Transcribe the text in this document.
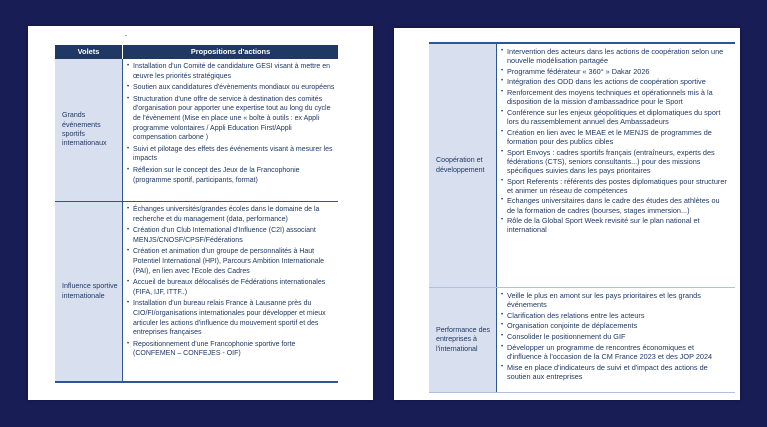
-
Volets	Propositions d'actions
Grands événements sportifs internationaux
• Installation d'un Comité de candidature GESI visant à mettre en œuvre les priorités stratégiques
• Soutien aux candidatures d'évènements mondiaux ou européens
• Structuration d'une offre de service à destination des comités d'organisation pour apporter une expertise tout au long du cycle de l'évènement (Mise en place une « boîte à outils : ex Appli programme volontaires / Appli Education First/Appli compensation carbone )
• Suivi et pilotage des effets des événements visant à mesurer les impacts
• Réflexion sur le concept des Jeux de la Francophonie (programme sportif, participants, format)
Influence sportive internationale
• Échanges universités/grandes écoles dans le domaine de la recherche et du management (data, performance)
• Création d'un Club International d'Influence (C2I) associant MENJS/CNOSF/CPSF/Fédérations
• Création et animation d'un groupe de personnalités à Haut Potentiel International (HPI), Parcours Ambition Internationale (PAI), en lien avec l'Ecole des Cadres
• Accueil de bureaux délocalisés de Fédérations internationales (FIFA, IJF, ITTF..)
• Installation d'un bureau relais France à Lausanne près du CIO/FI/organisations internationales pour développer et mieux articuler les actions d'influence du mouvement sportif et des entreprises françaises
• Repositionnement d'une Francophonie sportive forte (CONFEMEN – CONFEJES - OIF)
Coopération et développement
• Intervention des acteurs dans les actions de coopération selon une nouvelle modélisation partagée
• Programme fédérateur « 360° » Dakar 2026
• Intégration des ODD dans les actions de coopération sportive
• Renforcement des moyens techniques et opérationnels mis à la disposition de la mission d'ambassadrice pour le Sport
• Conférence sur les enjeux géopolitiques et diplomatiques du sport lors du rassemblement annuel des Ambassadeurs
• Création en lien avec le MEAE et le MENJS de programmes de formation pour des publics cibles
• Sport Envoys : cadres sportifs français (entraîneurs, experts des fédérations (CTS), seniors consultants...) pour des missions spécifiques suivies dans les pays prioritaires
• Sport Referents : référents des postes diplomatiques pour structurer et animer un réseau de compétences
• Echanges universitaires dans le cadre des études des athlètes ou de la formation de cadres (bourses, stages immersion...)
• Rôle de la Global Sport Week revisité sur le plan national et international
Performance des entreprises à l'international
• Veille le plus en amont sur les pays prioritaires et les grands événements
• Clarification des relations entre les acteurs
• Organisation conjointe de déplacements
• Consolider le positionnement du GIF
• Développer un programme de rencontres économiques et d'influence à l'occasion de la CM France 2023 et des JOP 2024
• Mise en place d'indicateurs de suivi et d'impact des actions de soutien aux entreprises
